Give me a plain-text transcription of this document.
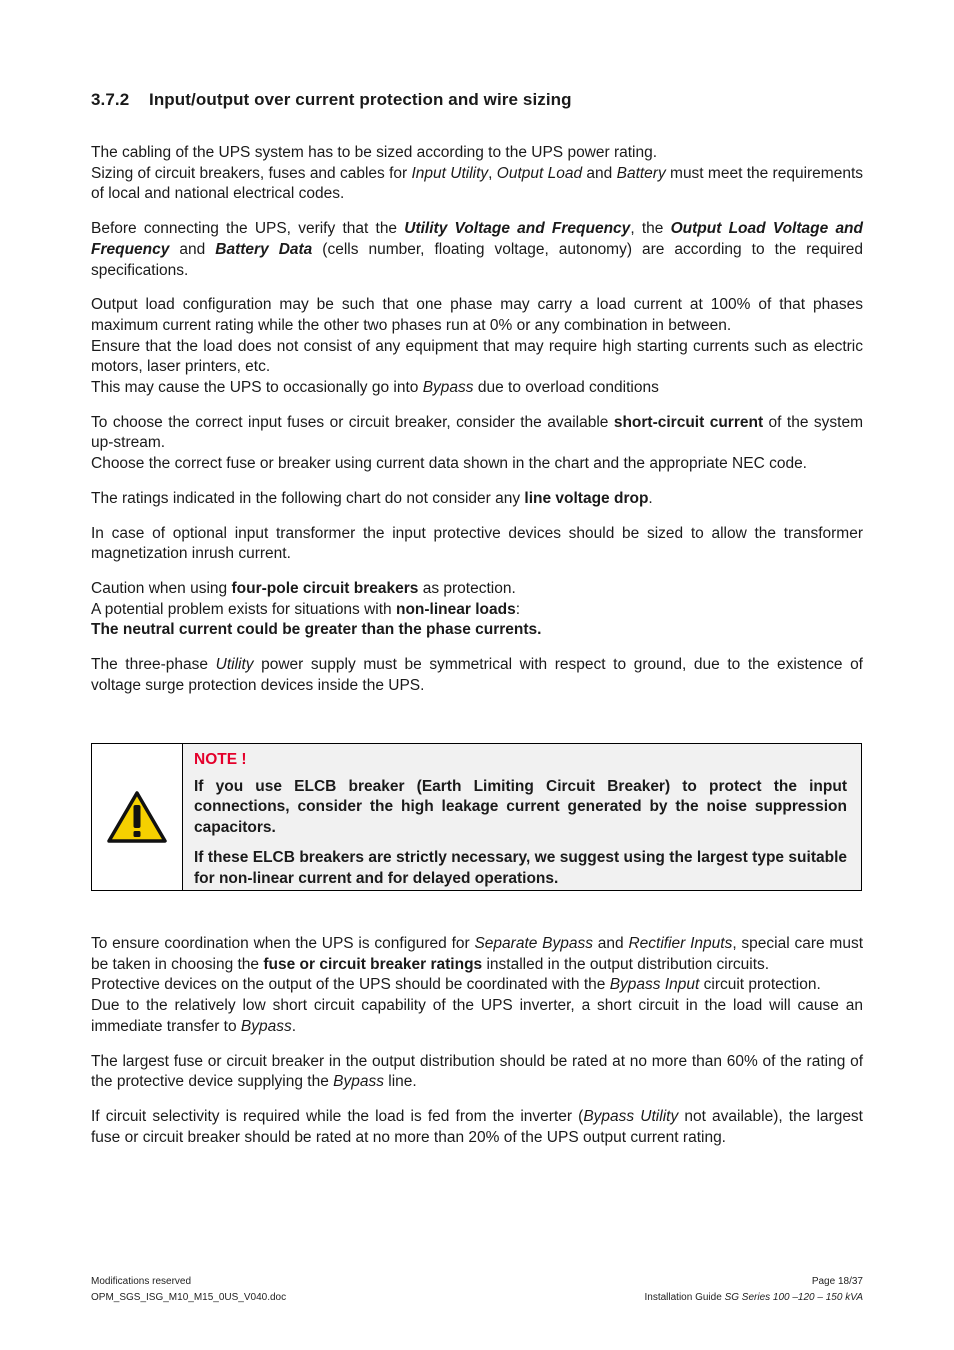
3.7.2 Input/output over current protection and wire sizing

The cabling of the UPS system has to be sized according to the UPS power rating.

Sizing of circuit breakers, fuses and cables for Input Utility, Output Load and Battery must meet the requirements of local and national electrical codes.

Before connecting the UPS, verify that the Utility Voltage and Frequency, the Output Load Voltage and Frequency and Battery Data (cells number, floating voltage, autonomy) are according to the required specifications.

Output load configuration may be such that one phase may carry a load current at 100% of that phases maximum current rating while the other two phases run at 0% or any combination in between.

Ensure that the load does not consist of any equipment that may require high starting currents such as electric motors, laser printers, etc.

This may cause the UPS to occasionally go into Bypass due to overload conditions

To choose the correct input fuses or circuit breaker, consider the available short-circuit current of the system up-stream.

Choose the correct fuse or breaker using current data shown in the chart and the appropriate NEC code.

The ratings indicated in the following chart do not consider any line voltage drop.

In case of optional input transformer the input protective devices should be sized to allow the transformer magnetization inrush current.

Caution when using four-pole circuit breakers as protection.

A potential problem exists for situations with non-linear loads:

The neutral current could be greater than the phase currents.

The three-phase Utility power supply must be symmetrical with respect to ground, due to the existence of voltage surge protection devices inside the UPS.

NOTE !

If you use ELCB breaker (Earth Limiting Circuit Breaker) to protect the input connections, consider the high leakage current generated by the noise suppression capacitors.

If these ELCB breakers are strictly necessary, we suggest using the largest type suitable for non-linear current and for delayed operations.

To ensure coordination when the UPS is configured for Separate Bypass and Rectifier Inputs, special care must be taken in choosing the fuse or circuit breaker ratings installed in the output distribution circuits.

Protective devices on the output of the UPS should be coordinated with the Bypass Input circuit protection.

Due to the relatively low short circuit capability of the UPS inverter, a short circuit in the load will cause an immediate transfer to Bypass.

The largest fuse or circuit breaker in the output distribution should be rated at no more than 60% of the rating of the protective device supplying the Bypass line.

If circuit selectivity is required while the load is fed from the inverter (Bypass Utility not available), the largest fuse or circuit breaker should be rated at no more than 20% of the UPS output current rating.

Modifications reserved
OPM_SGS_ISG_M10_M15_0US_V040.doc
Page 18/37
Installation Guide SG Series 100 –120 – 150 kVA
